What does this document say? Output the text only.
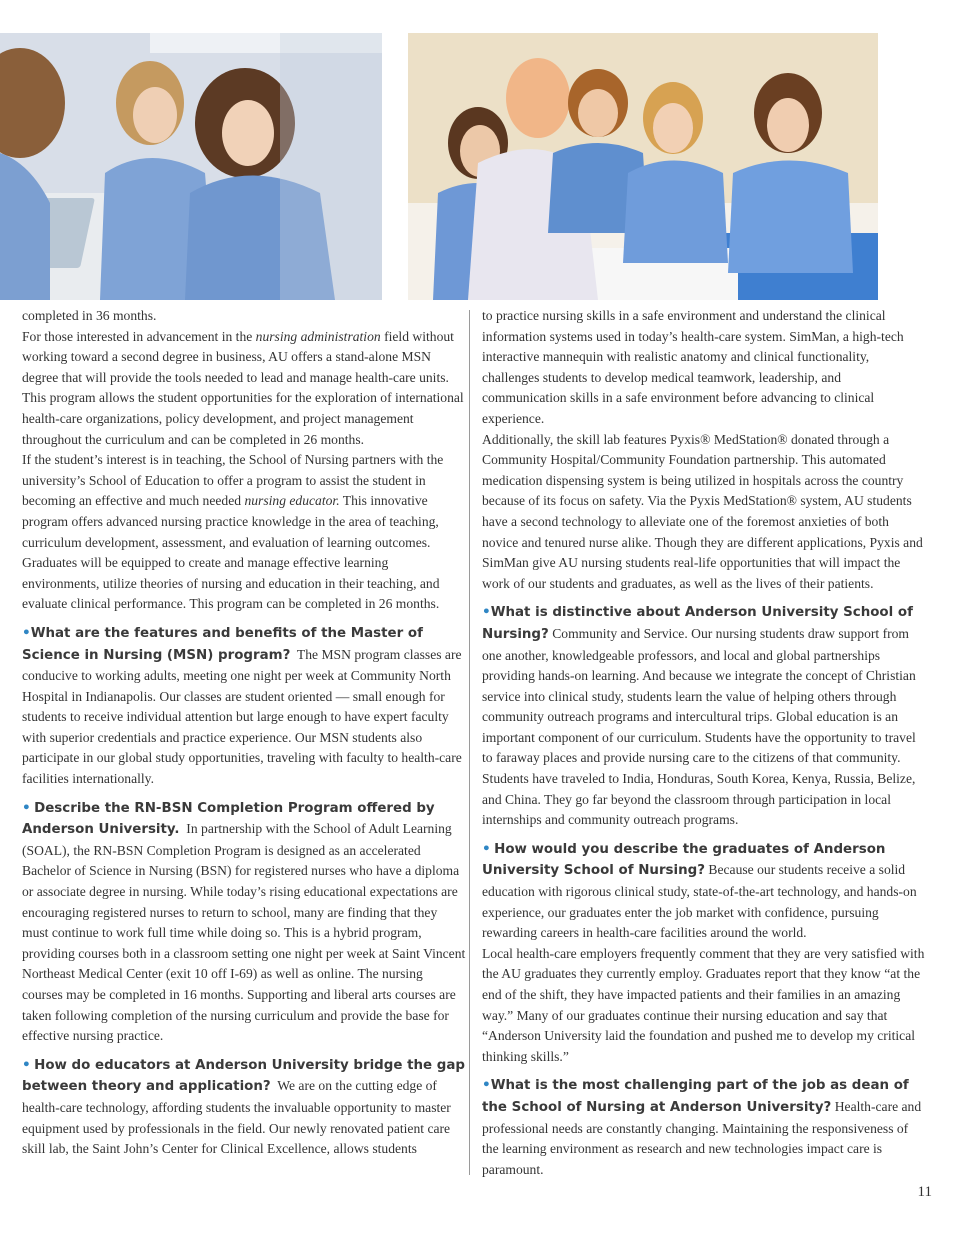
completed in 36 months.

For those interested in advancement in the nursing administration field without working toward a second degree in business, AU offers a stand-alone MSN degree that will provide the tools needed to lead and manage health-care units. This program allows the student opportunities for the exploration of international health-care organizations, policy development, and project management throughout the curriculum and can be completed in 26 months.

If the student’s interest is in teaching, the School of Nursing partners with the university’s School of Education to offer a program to assist the student in becoming an effective and much needed nursing educator. This innovative program offers advanced nursing practice knowledge in the area of teaching, curriculum development, assessment, and evaluation of learning outcomes. Graduates will be equipped to create and manage effective learning environments, utilize theories of nursing and education in their teaching, and evaluate clinical performance. This program can be completed in 26 months.

•What are the features and benefits of the Master of Science in Nursing (MSN) program? The MSN program classes are conducive to working adults, meeting one night per week at Community North Hospital in Indianapolis. Our classes are student oriented — small enough for students to receive individual attention but large enough to have expert faculty with superior credentials and practice experience. Our MSN students also participate in our global study opportunities, traveling with faculty to health-care facilities internationally.

• Describe the RN-BSN Completion Program offered by Anderson University. In partnership with the School of Adult Learning (SOAL), the RN-BSN Completion Program is designed as an accelerated Bachelor of Science in Nursing (BSN) for registered nurses who have a diploma or associate degree in nursing. While today’s rising educational expectations are encouraging registered nurses to return to school, many are finding that they must continue to work full time while doing so. This is a hybrid program, providing courses both in a classroom setting one night per week at Saint Vincent Northeast Medical Center (exit 10 off I-69) as well as online. The nursing courses may be completed in 16 months. Supporting and liberal arts courses are taken following completion of the nursing curriculum and provide the base for effective nursing practice.

• How do educators at Anderson University bridge the gap between theory and application? We are on the cutting edge of health-care technology, affording students the invaluable opportunity to master equipment used by professionals in the field. Our newly renovated patient care skill lab, the Saint John’s Center for Clinical Excellence, allows students

to practice nursing skills in a safe environment and understand the clinical information systems used in today’s health-care system. SimMan, a high-tech interactive mannequin with realistic anatomy and clinical functionality, challenges students to develop medical teamwork, leadership, and communication skills in a safe environment before advancing to clinical experience.

Additionally, the skill lab features Pyxis® MedStation® donated through a Community Hospital/Community Foundation partnership. This automated medication dispensing system is being utilized in hospitals across the country because of its focus on safety. Via the Pyxis MedStation® system, AU students have a second technology to alleviate one of the foremost anxieties of both novice and tenured nurse alike. Though they are different applications, Pyxis and SimMan give AU nursing students real-life opportunities that will impact the work of our students and graduates, as well as the lives of their patients.

•What is distinctive about Anderson University School of Nursing? Community and Service. Our nursing students draw support from one another, knowledgeable professors, and local and global partnerships providing hands-on learning. And because we integrate the concept of Christian service into clinical study, students learn the value of helping others through community outreach programs and intercultural trips. Global education is an important component of our curriculum. Students have the opportunity to travel to faraway places and provide nursing care to the citizens of that community. Students have traveled to India, Honduras, South Korea, Kenya, Russia, Belize, and China. They go far beyond the classroom through participation in local internships and community outreach programs.

• How would you describe the graduates of Anderson University School of Nursing? Because our students receive a solid education with rigorous clinical study, state-of-the-art technology, and hands-on experience, our graduates enter the job market with confidence, pursuing rewarding careers in health-care facilities around the world.

Local health-care employers frequently comment that they are very satisfied with the AU graduates they currently employ. Graduates report that they know “at the end of the shift, they have impacted patients and their families in an amazing way.” Many of our graduates continue their nursing education and say that “Anderson University laid the foundation and pushed me to develop my critical thinking skills.”

•What is the most challenging part of the job as dean of the School of Nursing at Anderson University? Health-care and professional needs are constantly changing. Maintaining the responsiveness of the learning environment as research and new technologies impact care is paramount.

11
